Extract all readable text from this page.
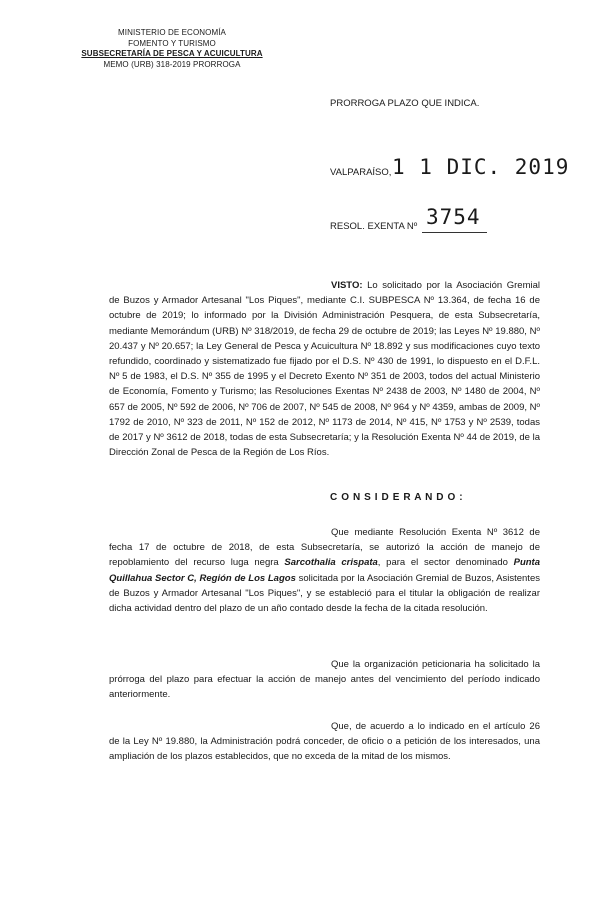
MINISTERIO DE ECONOMÍA
FOMENTO Y TURISMO
SUBSECRETARÍA DE PESCA Y ACUICULTURA
MEMO (URB) 318-2019 PRORROGA
PRORROGA PLAZO QUE INDICA.
VALPARAÍSO, 1 1 DIC. 2019
RESOL. EXENTA Nº 3754
VISTO: Lo solicitado por la Asociación Gremial de Buzos y Armador Artesanal "Los Piques", mediante C.I. SUBPESCA Nº 13.364, de fecha 16 de octubre de 2019; lo informado por la División Administración Pesquera, de esta Subsecretaría, mediante Memorándum (URB) Nº 318/2019, de fecha 29 de octubre de 2019; las Leyes Nº 19.880, Nº 20.437 y Nº 20.657; la Ley General de Pesca y Acuicultura Nº 18.892 y sus modificaciones cuyo texto refundido, coordinado y sistematizado fue fijado por el D.S. Nº 430 de 1991, lo dispuesto en el D.F.L. Nº 5 de 1983, el D.S. Nº 355 de 1995 y el Decreto Exento Nº 351 de 2003, todos del actual Ministerio de Economía, Fomento y Turismo; las Resoluciones Exentas Nº 2438 de 2003, Nº 1480 de 2004, Nº 657 de 2005, Nº 592 de 2006, Nº 706 de 2007, Nº 545 de 2008, Nº 964 y Nº 4359, ambas de 2009, Nº 1792 de 2010, Nº 323 de 2011, Nº 152 de 2012, Nº 1173 de 2014, Nº 415, Nº 1753 y Nº 2539, todas de 2017 y Nº 3612 de 2018, todas de esta Subsecretaría; y la Resolución Exenta Nº 44 de 2019, de la Dirección Zonal de Pesca de la Región de Los Ríos.
C O N S I D E R A N D O :
Que mediante Resolución Exenta Nº 3612 de fecha 17 de octubre de 2018, de esta Subsecretaría, se autorizó la acción de manejo de repoblamiento del recurso luga negra Sarcothalia crispata, para el sector denominado Punta Quillahua Sector C, Región de Los Lagos solicitada por la Asociación Gremial de Buzos, Asistentes de Buzos y Armador Artesanal "Los Piques", y se estableció para el titular la obligación de realizar dicha actividad dentro del plazo de un año contado desde la fecha de la citada resolución.
Que la organización peticionaria ha solicitado la prórroga del plazo para efectuar la acción de manejo antes del vencimiento del período indicado anteriormente.
Que, de acuerdo a lo indicado en el artículo 26 de la Ley Nº 19.880, la Administración podrá conceder, de oficio o a petición de los interesados, una ampliación de los plazos establecidos, que no exceda de la mitad de los mismos.
